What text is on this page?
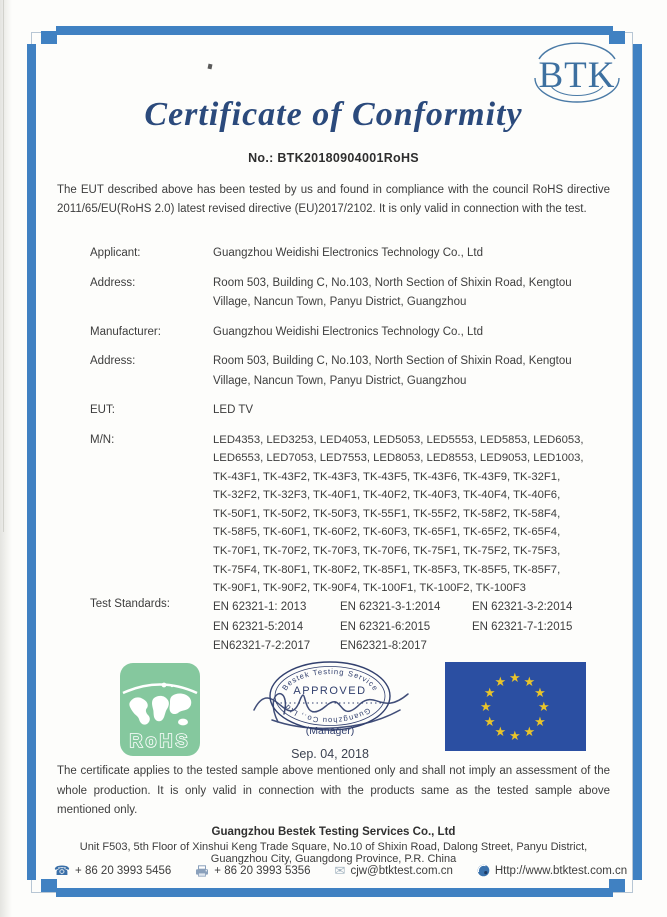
BTK
Certificate of Conformity
No.: BTK20180904001RoHS
The EUT described above has been tested by us and found in compliance with the council RoHS directive 2011/65/EU(RoHS 2.0) latest revised directive (EU)2017/2102. It is only valid in connection with the test.
Applicant:	Guangzhou Weidishi Electronics Technology Co., Ltd
Address:	Room 503, Building C, No.103, North Section of Shixin Road, Kengtou
Village, Nancun Town, Panyu District, Guangzhou
Manufacturer:	Guangzhou Weidishi Electronics Technology Co., Ltd
Address:	Room 503, Building C, No.103, North Section of Shixin Road, Kengtou
Village, Nancun Town, Panyu District, Guangzhou
EUT:	LED TV
M/N:	LED4353, LED3253, LED4053, LED5053, LED5553, LED5853, LED6053,
LED6553, LED7053, LED7553, LED8053, LED8553, LED9053, LED1003,
TK-43F1, TK-43F2, TK-43F3, TK-43F5, TK-43F6, TK-43F9, TK-32F1,
TK-32F2, TK-32F3, TK-40F1, TK-40F2, TK-40F3, TK-40F4, TK-40F6,
TK-50F1, TK-50F2, TK-50F3, TK-55F1, TK-55F2, TK-58F2, TK-58F4,
TK-58F5, TK-60F1, TK-60F2, TK-60F3, TK-65F1, TK-65F2, TK-65F4,
TK-70F1, TK-70F2, TK-70F3, TK-70F6, TK-75F1, TK-75F2, TK-75F3,
TK-75F4, TK-80F1, TK-80F2, TK-85F1, TK-85F3, TK-85F5, TK-85F7,
TK-90F1, TK-90F2, TK-90F4, TK-100F1, TK-100F2, TK-100F3
Test Standards:	EN 62321-1: 2013	EN 62321-3-1:2014	EN 62321-3-2:2014
EN 62321-5:2014	EN 62321-6:2015	EN 62321-7-1:2015
EN62321-7-2:2017	EN62321-8:2017
RoHS
Bestek Testing Service
Guangzhou Co., Ltd
APPROVED
(Manager)
Sep. 04, 2018
★ ★
★
★
★
★
★
★
★
★
★
★
The certificate applies to the tested sample above mentioned only and shall not imply an assessment of the whole production. It is only valid in connection with the products same as the tested sample above mentioned only.
Guangzhou Bestek Testing Services Co., Ltd
Unit F503, 5th Floor of Xinshui Keng Trade Square, No.10 of Shixin Road, Dalong Street, Panyu District,
Guangzhou City, Guangdong Province, P.R. China
☎ + 86 20 3993 5456	+ 86 20 3993 5356 ✉ cjw@btktest.com.cn	Http://www.btktest.com.cn
